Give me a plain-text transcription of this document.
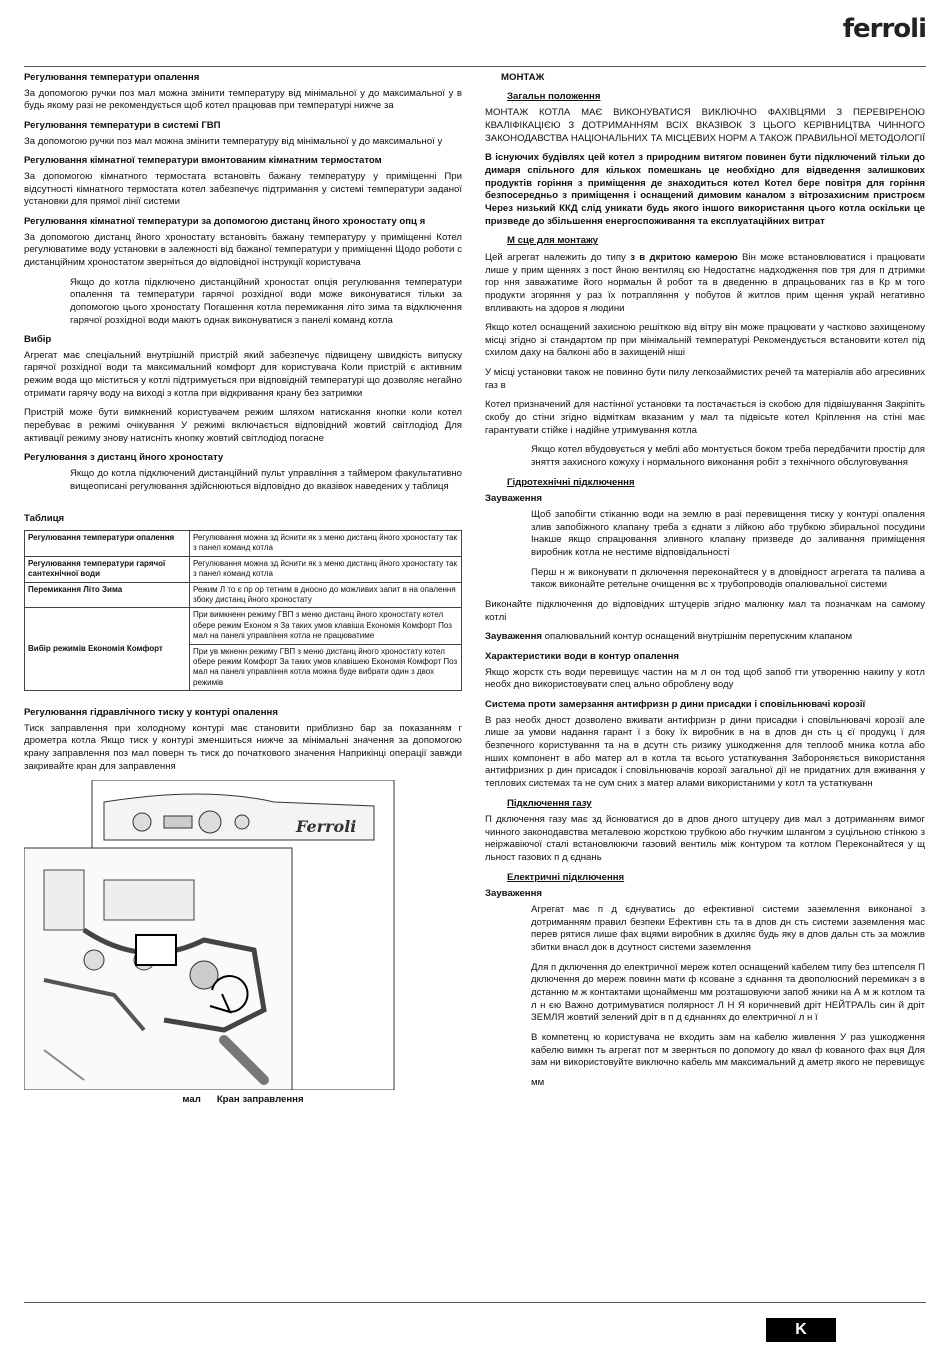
ferroli
Регулювання температури опалення

За допомогою ручки поз мал можна змінити температуру від мінімальної у до максимальної у в будь якому разі не рекомендується щоб котел працював при температурі нижче за

Регулювання температури в системі ГВП

За допомогою ручки поз мал можна змінити температуру від мінімальної у до максимальної у

Регулювання кімнатної температури вмонтованим кімнатним термостатом

За допомогою кімнатного термостата встановіть бажану температуру у приміщенні При відсутності кімнатного термостата котел забезпечує підтримання у системі температури заданої установки для прямої лінії системи

Регулювання кімнатної температури за допомогою дистанц йного хроностату опц я

За допомогою дистанц йного хроностату встановіть бажану температуру у приміщенні Котел регулюватиме воду установки в залежності від бажаної температури у приміщенні Щодо роботи с дистанційним хроностатом зверніться до відповідної інструкції користувача

Якщо до котла підключено дистанційний хроностат опція регулювання температури опалення та температури гарячої розхідної води може виконуватися тільки за допомогою цього хроностату Погашення котла перемикання літо зима та відключення гарячої розхідної води маютъ однак виконуватися з панелі команд котла

Вибір

Агрегат має спеціальний внутрішній пристрій який забезпечує підвищену швидкість випуску гарячої розхідної води та максимальний комфорт для користувача Коли пристрій є активним режим вода що міститься у котлі підтримується при відповідній температурі що дозволяє негайно отримати гарячу воду на виході з котла при відкривання крану без затримки

Пристрій може бути вимкнений користувачем режим шляхом натискання кнопки коли котел перебуває в режимі очікування У режимі включається відповідний жовтий світлодіод Для активації режиму знову натисніть кнопку жовтий світлодіод погасне

Регулювання з дистанц йного хроностату

Якщо до котла підключений дистанційний пульт управління з таймером факультативно вищеописані регулювання здійснюються відповідно до вказівок наведених у таблиця

Таблиця
Регулювання температури опалення	Регулювання можна зд йснити як з меню дистанц йного хроностату так з панел команд котла
Регулювання температури гарячої сантехнічної води	Регулювання можна зд йснити як з меню дистанц йного хроностату так з панел команд котла
Перемикання Літо Зима	Режим Л то є пр ор тетним в дносно до можливих запит в на опалення збоку дистанц йного хроностату
Вибір режимів Економія Комфорт	При вимкненн режиму ГВП з меню дистанц йного хроностату котел обере режим Економ я За таких умов клавіша Економія Комфорт Поз мал на панелі управління котла не працюватиме
	При ув мкненн режиму ГВП з меню дистанц йного хроностату котел обере режим Комфорт За таких умов клавішею Економія Комфорт Поз мал на панелі управління котла можна буде вибрати один з двох режимів
Регулювання гідравлічного тиску у контурі опалення

Тиск заправлення при холодному контурі має становити приблизно бар за показанням г дрометра котла Якщо тиск у контурі зменшиться нижче за мінімальні значення за допомогою крану заправлення поз мал поверн ть тиск до початкового значення Наприкінці операції завжди закривайте кран для заправлення

Ferroli
мал Кран заправлення
МОНТАЖ
Загальн положення

МОНТАЖ КОТЛА МАЄ ВИКОНУВАТИСЯ ВИКЛЮЧНО ФАХІВЦЯМИ З ПЕРЕВІРЕНОЮ КВАЛІФІКАЦІЄЮ З ДОТРИМАННЯМ ВСІХ ВКАЗІВОК З ЦЬОГО КЕРІВНИЦТВА ЧИННОГО ЗАКОНОДАВСТВА НАЦІОНАЛЬНИХ ТА МІСЦЕВИХ НОРМ А ТАКОЖ ПРАВИЛЬНОЇ МЕТОДОЛОГІЇ

В існуючих будівлях цей котел з природним витягом повинен бути підключений тільки до димаря спільного для кількох помешкань це необхідно для відведення залишкових продуктів горіння з приміщення де знаходиться котел Котел бере повітря для горіння безпосередньо з приміщення і оснащений димовим каналом з вітрозахисним пристроєм Через низький ККД слід уникати будь якого іншого використання цього котла оскільки це призведе до збільшення енергоспоживання та експлуатаційних витрат

М сце для монтажу

Цей агрегат належить до типу з в дкритою камерою Він може встановлюватися і працювати лише у прим щеннях з пост йною вентиляц єю Недостатнє надходження пов тря для п дтримки гор ння заважатиме його нормальн й робот та в дведенню в дпрацьованих газ в Кр м того продукти згоряння у раз їх потрапляння у побутов й житлов прим щення украй негативно впливають на здоров я людини

Якщо котел оснащений захисною решіткою від вітру він може працювати у частково захищеному місці згідно зі стандартом пр при мінімальній температурі Рекомендується встановити котел під схилом даху на балконі або в захищеній ніші

У місці установки також не повинно бути пилу легкозаймистих речей та матеріалів або агресивних газ в

Котел призначений для настінної установки та постачається із скобою для підвішування Закріпіть скобу до стіни згідно відміткам вказаним у мал та підвісьте котел Кріплення на стіні має гарантувати стійке і надійне утримування котла

Якщо котел вбудовується у меблі або монтується боком треба передбачити простір для зняття захисного кожуху і нормального виконання робіт з технічного обслуговування

Гідротехнічні підключення
Зауваження

Щоб запобігти стіканню води на землю в разі перевищення тиску у контурі опалення злив запобіжного клапану треба з єднати з лійкою або трубкою збиральної посудини Інакше якщо спрацювання зливного клапану призведе до заливання приміщення виробник котла не нестиме відповідальності

Перш н ж виконувати п дключення переконайтеся у в дповідност агрегата та палива а також виконайте ретельне очищення вс х трубопроводів опалювальної системи

Виконайте підключення до відповідних штуцерів згідно малюнку мал та позначкам на самому котлі

Зауваження опалювальний контур оснащений внутрішнім перепускним клапаном

Характеристики води в контур опалення

Якщо жорстк сть води перевищує частин на м л он тод щоб запоб гти утворенню накипу у котл необх дно використовувати спец ально оброблену воду

Система проти замерзання антифризн р дини присадки і сповільнювачі корозії

В раз необх дност дозволено вживати антифризн р дини присадки і сповільнювачі корозії але лише за умови надання гарант ї з боку їх виробник в на в дпов дн сть ц єї продукц ї для безпечного користування та на в дсутн сть ризику ушкодження для теплооб мника котла або нших компонент в або матер ал в котла та всього устаткування Забороняється використання антифризних р дин присадок і сповільнювачів корозії загальної дії не придатних для вживання у теплових системах та не сум сних з матер алами використаними у котл та устаткуванн

Підключення газу

П дключення газу має зд йснюватися до в дпов дного штуцеру див мал з дотриманням вимог чинного законодавства металевою жорсткою трубкою або гнучким шлангом з суцільною стінкою з неіржавіючої сталі встановлюючи газовий вентиль між контуром та котлом Переконайтеся у щ льност газових п д єднань

Електричні підключення
Зауваження

Агрегат має п д єднуватись до ефективної системи заземлення виконаної з дотриманням правил безпеки Ефективн сть та в дпов дн сть системи заземлення мас перев рятися лише фах вцями виробник в дхиляє будь яку в дпов дальн сть за можлив збитки внасл док в дсутност системи заземлення

Для п дключення до електричної мереж котел оснащений кабелем типу без штепселя П дключення до мереж повинн мати ф ксоване з єднання та двополюсний перемикач з в дстанню м ж контактами щонайменш мм розташовуючи запоб жники на А м ж котлом та л н єю Важно дотримуватися полярност Л Н Я коричневий дріт НЕЙТРАЛЬ син й дріт ЗЕМЛЯ жовтий зелений дріт в п д єднаннях до електричної л н ї

В компетенц ю користувача не входить зам на кабелю живлення У раз ушкодження кабелю вимкн ть агрегат пот м звернться по допомогу до квал ф кованого фах вця Для зам ни використовуйте виключно кабель мм максимальний д аметр якого не перевищує

мм

K
